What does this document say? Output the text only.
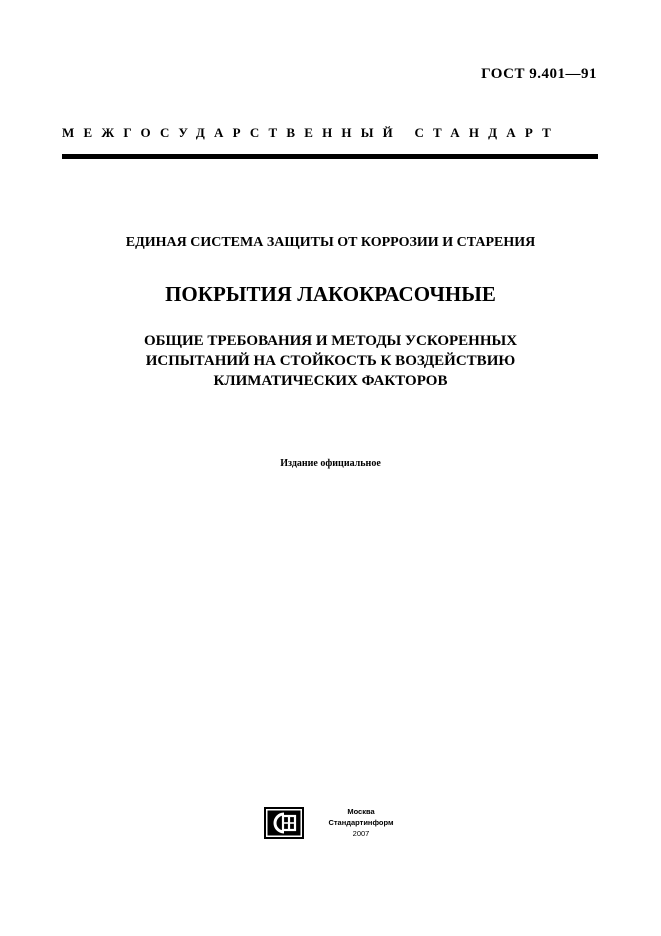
ГОСТ 9.401—91
МЕЖГОСУДАРСТВЕННЫЙ СТАНДАРТ
ЕДИНАЯ СИСТЕМА ЗАЩИТЫ ОТ КОРРОЗИИ И СТАРЕНИЯ
ПОКРЫТИЯ ЛАКОКРАСОЧНЫЕ
ОБЩИЕ ТРЕБОВАНИЯ И МЕТОДЫ УСКОРЕННЫХ
ИСПЫТАНИЙ НА СТОЙКОСТЬ К ВОЗДЕЙСТВИЮ
КЛИМАТИЧЕСКИХ ФАКТОРОВ
Издание официальное
Москва
Стандартинформ
2007
